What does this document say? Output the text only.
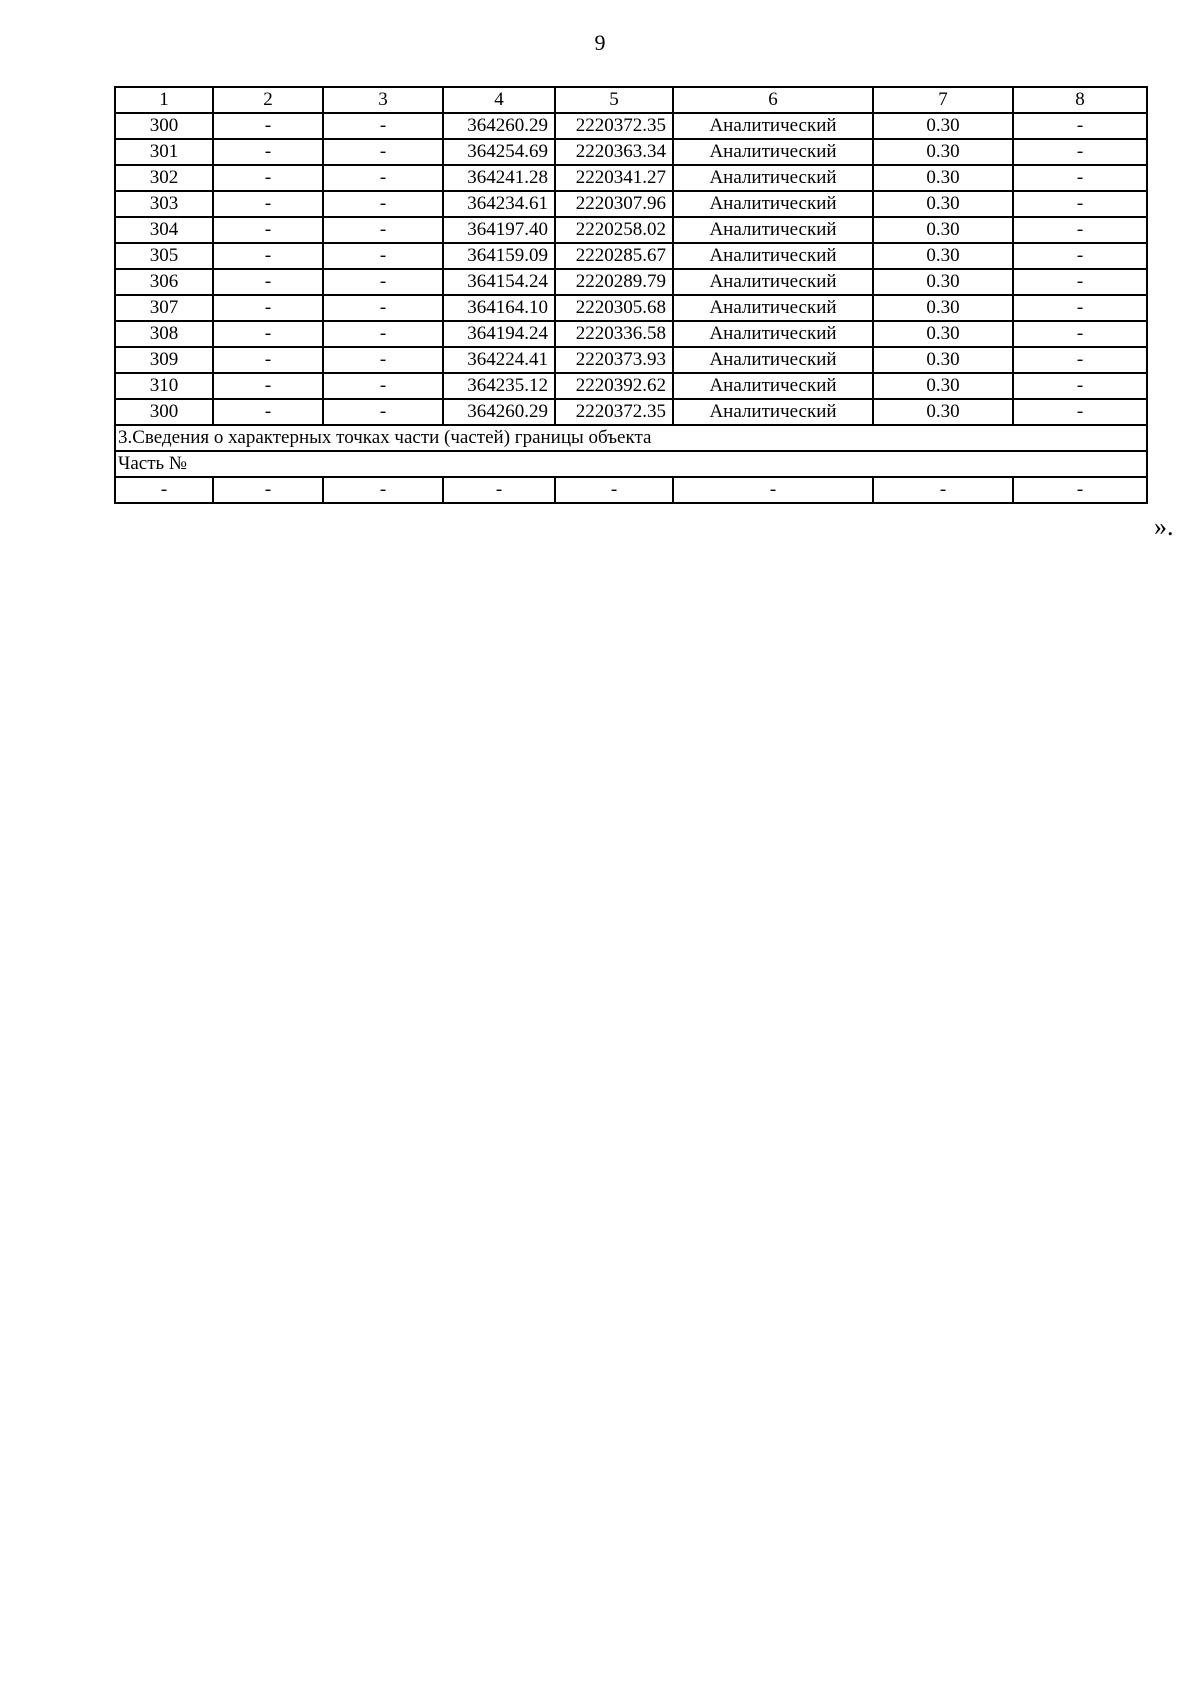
9
1	2	3	4	5	6	7	8
300	-	-	364260.29	2220372.35	Аналитический	0.30	-
301	-	-	364254.69	2220363.34	Аналитический	0.30	-
302	-	-	364241.28	2220341.27	Аналитический	0.30	-
303	-	-	364234.61	2220307.96	Аналитический	0.30	-
304	-	-	364197.40	2220258.02	Аналитический	0.30	-
305	-	-	364159.09	2220285.67	Аналитический	0.30	-
306	-	-	364154.24	2220289.79	Аналитический	0.30	-
307	-	-	364164.10	2220305.68	Аналитический	0.30	-
308	-	-	364194.24	2220336.58	Аналитический	0.30	-
309	-	-	364224.41	2220373.93	Аналитический	0.30	-
310	-	-	364235.12	2220392.62	Аналитический	0.30	-
300	-	-	364260.29	2220372.35	Аналитический	0.30	-
3.Сведения о характерных точках части (частей) границы объекта							
Часть №							
-	-	-	-	-	-	-	-
».
